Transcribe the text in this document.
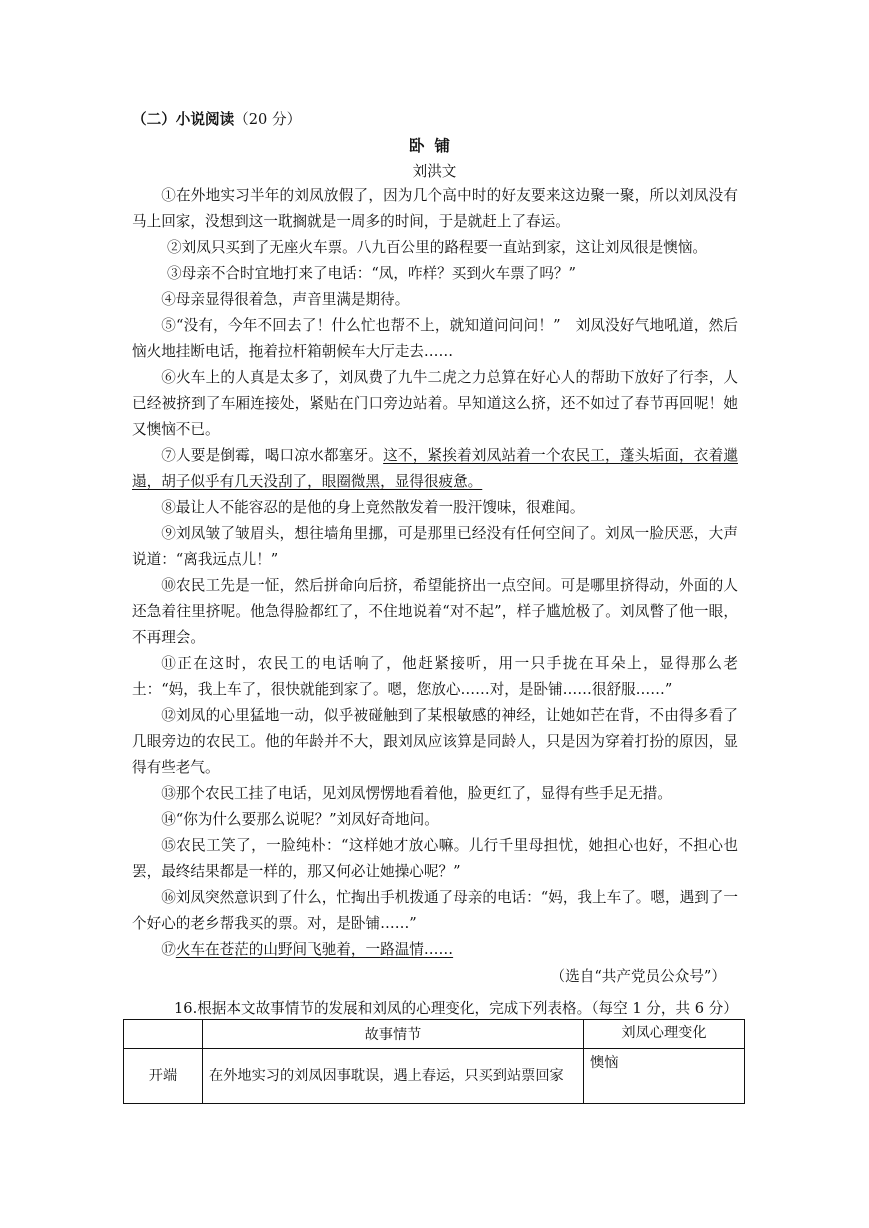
（二）小说阅读（20 分）
卧铺
刘洪文

①在外地实习半年的刘凤放假了，因为几个高中时的好友要来这边聚一聚，所以刘凤没有马上回家，没想到这一耽搁就是一周多的时间，于是就赶上了春运。

②刘凤只买到了无座火车票。八九百公里的路程要一直站到家，这让刘凤很是懊恼。

③母亲不合时宜地打来了电话：“凤，咋样？买到火车票了吗？”

④母亲显得很着急，声音里满是期待。

⑤“没有，今年不回去了！什么忙也帮不上，就知道问问问！”　刘凤没好气地吼道，然后恼火地挂断电话，拖着拉杆箱朝候车大厅走去……

⑥火车上的人真是太多了，刘凤费了九牛二虎之力总算在好心人的帮助下放好了行李，人已经被挤到了车厢连接处，紧贴在门口旁边站着。早知道这么挤，还不如过了春节再回呢！她又懊恼不已。

⑦人要是倒霉，喝口凉水都塞牙。这不，紧挨着刘凤站着一个农民工，蓬头垢面，衣着邋遢，胡子似乎有几天没刮了，眼圈微黑，显得很疲惫。

⑧最让人不能容忍的是他的身上竟然散发着一股汗馊味，很难闻。

⑨刘凤皱了皱眉头，想往墙角里挪，可是那里已经没有任何空间了。刘凤一脸厌恶，大声说道：“离我远点儿！”

⑩农民工先是一怔，然后拼命向后挤，希望能挤出一点空间。可是哪里挤得动，外面的人还急着往里挤呢。他急得脸都红了，不住地说着“对不起”，样子尴尬极了。刘凤瞥了他一眼，不再理会。

⑪正在这时，农民工的电话响了，他赶紧接听，用一只手拢在耳朵上，显得那么老土：“妈，我上车了，很快就能到家了。嗯，您放心……对，是卧铺……很舒服……”

⑫刘凤的心里猛地一动，似乎被碰触到了某根敏感的神经，让她如芒在背，不由得多看了几眼旁边的农民工。他的年龄并不大，跟刘凤应该算是同龄人，只是因为穿着打扮的原因，显得有些老气。

⑬那个农民工挂了电话，见刘凤愣愣地看着他，脸更红了，显得有些手足无措。

⑭“你为什么要那么说呢？”刘凤好奇地问。

⑮农民工笑了，一脸纯朴：“这样她才放心嘛。儿行千里母担忧，她担心也好，不担心也罢，最终结果都是一样的，那又何必让她操心呢？”

⑯刘凤突然意识到了什么，忙掏出手机拨通了母亲的电话：“妈，我上车了。嗯，遇到了一个好心的老乡帮我买的票。对，是卧铺……”

⑰火车在苍茫的山野间飞驰着，一路温情……

（选自“共产党员公众号”）
16.根据本文故事情节的发展和刘凤的心理变化，完成下列表格。（每空 1 分，共 6 分）
	故事情节	刘凤心理变化
开端	在外地实习的刘凤因事耽误，遇上春运，只买到站票回家	懊恼
